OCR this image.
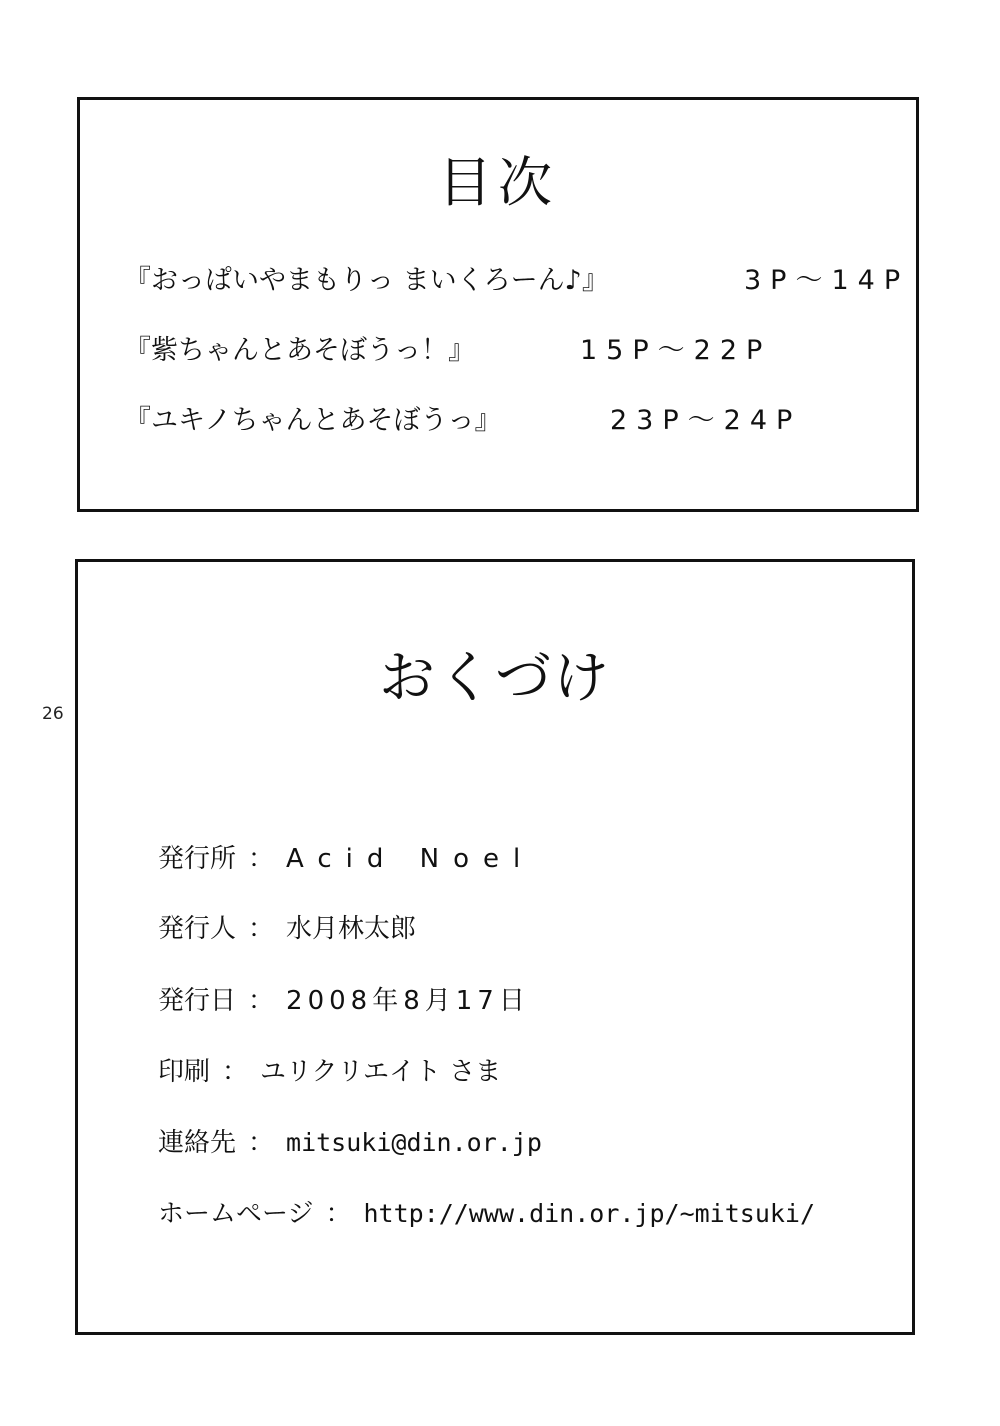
目次
『おっぱいやまもりっ まいくろーん♪』	3P～14P
『紫ちゃんとあそぼうっ！』	15P～22P
『ユキノちゃんとあそぼうっ』	23P～24P
26
おくづけ
発行所 ： Acid Noel
発行人 ： 水月林太郎
発行日 ： 2008年8月17日
印刷 ： ユリクリエイト さま
連絡先 ： mitsuki@din.or.jp
ホームページ ： http://www.din.or.jp/~mitsuki/
